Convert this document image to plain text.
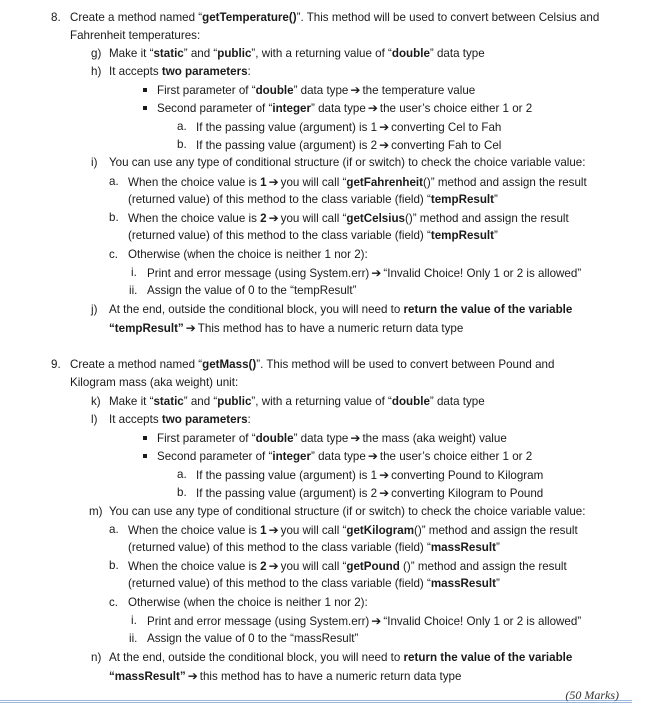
8. Create a method named “getTemperature()”. This method will be used to convert between Celsius and
Fahrenheit temperatures:
g) Make it “static” and “public”, with a returning value of “double” data type
h) It accepts two parameters:
First parameter of “double” data type ➔ the temperature value
Second parameter of “integer” data type ➔ the user’s choice either 1 or 2
a. If the passing value (argument) is 1 ➔ converting Cel to Fah
b. If the passing value (argument) is 2 ➔ converting Fah to Cel
i) You can use any type of conditional structure (if or switch) to check the choice variable value:
a. When the choice value is 1 ➔ you will call “getFahrenheit()” method and assign the result
(returned value) of this method to the class variable (field) “tempResult”
b. When the choice value is 2 ➔ you will call “getCelsius()” method and assign the result
(returned value) of this method to the class variable (field) “tempResult”
c. Otherwise (when the choice is neither 1 nor 2):
i. Print and error message (using System.err) ➔ “Invalid Choice! Only 1 or 2 is allowed”
ii. Assign the value of 0 to the “tempResult”
j) At the end, outside the conditional block, you will need to return the value of the variable
“tempResult” ➔ This method has to have a numeric return data type
9. Create a method named “getMass()”. This method will be used to convert between Pound and
Kilogram mass (aka weight) unit:
k) Make it “static” and “public”, with a returning value of “double” data type
l) It accepts two parameters:
First parameter of “double” data type ➔ the mass (aka weight) value
Second parameter of “integer” data type ➔ the user’s choice either 1 or 2
a. If the passing value (argument) is 1 ➔ converting Pound to Kilogram
b. If the passing value (argument) is 2 ➔ converting Kilogram to Pound
m) You can use any type of conditional structure (if or switch) to check the choice variable value:
a. When the choice value is 1 ➔ you will call “getKilogram()” method and assign the result
(returned value) of this method to the class variable (field) “massResult”
b. When the choice value is 2 ➔ you will call “getPound ()” method and assign the result
(returned value) of this method to the class variable (field) “massResult”
c. Otherwise (when the choice is neither 1 nor 2):
i. Print and error message (using System.err) ➔ “Invalid Choice! Only 1 or 2 is allowed”
ii. Assign the value of 0 to the “massResult”
n) At the end, outside the conditional block, you will need to return the value of the variable
“massResult” ➔ this method has to have a numeric return data type
(50 Marks)
